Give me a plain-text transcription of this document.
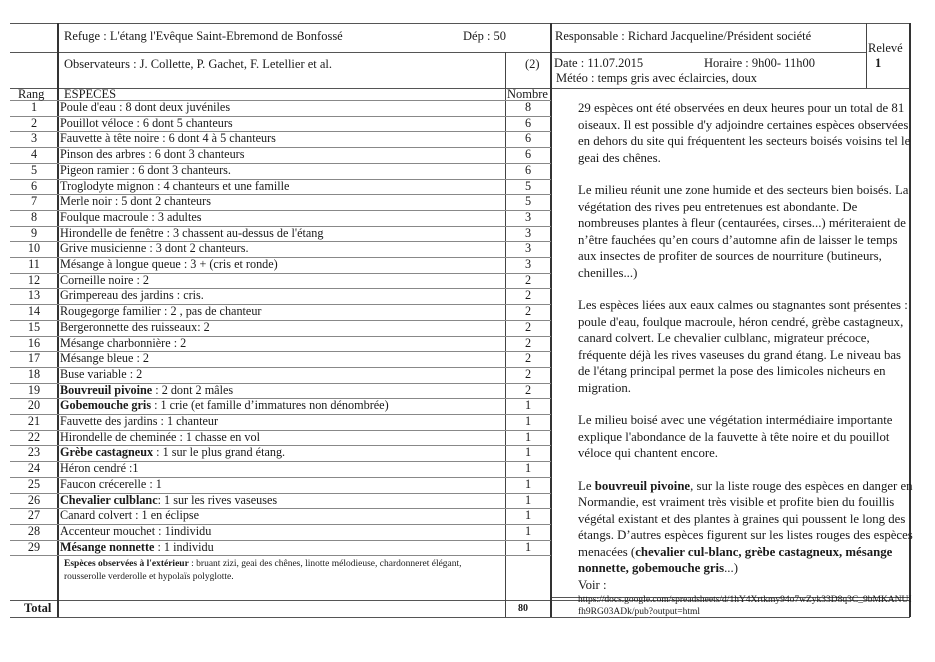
Refuge : L'étang l'Evêque Saint-Ebremond de Bonfossé	Dép : 50	Responsable : Richard Jacqueline/Président société
Relevé
1
Observateurs : J. Collette, P. Gachet, F. Letellier et al.	(2) Date : 11.07.2015	Horaire : 9h00- 11h00
Météo : temps gris avec éclaircies, doux
Rang ESPECES	Nombre
1	Poule d'eau : 8 dont deux juvéniles	8
2	Pouillot véloce : 6 dont 5 chanteurs	6
3	Fauvette à tête noire : 6 dont 4 à 5 chanteurs	6
4	Pinson des arbres : 6 dont 3 chanteurs	6
5	Pigeon ramier : 6 dont 3 chanteurs.	6
6	Troglodyte mignon : 4 chanteurs et une famille	5
7	Merle noir : 5 dont 2 chanteurs	5
8	Foulque macroule : 3 adultes	3
9	Hirondelle de fenêtre : 3 chassent au-dessus de l'étang	3
10	Grive musicienne : 3 dont 2 chanteurs.	3
11	Mésange à longue queue : 3 + (cris et ronde)	3
12	Corneille noire : 2	2
13	Grimpereau des jardins : cris.	2
14	Rougegorge familier : 2 , pas de chanteur	2
15	Bergeronnette des ruisseaux: 2	2
16	Mésange charbonnière : 2	2
17	Mésange bleue : 2	2
18	Buse variable : 2	2
19	Bouvreuil pivoine : 2 dont 2 mâles	2
20	Gobemouche gris : 1 crie (et famille d’immatures non dénombrée)	1
21	Fauvette des jardins : 1 chanteur	1
22	Hirondelle de cheminée : 1 chasse en vol	1
23	Grèbe castagneux : 1 sur le plus grand étang.	1
24	Héron cendré :1	1
25	Faucon crécerelle : 1	1
26	Chevalier culblanc: 1 sur les rives vaseuses	1
27	Canard colvert : 1 en éclipse	1
28	Accenteur mouchet : 1individu	1
29	Mésange nonnette : 1 individu	1
Espèces observées à l'extérieur : bruant zizi, geai des chênes, linotte mélodieuse, chardonneret élégant, rousserolle verderolle et hypolaïs polyglotte.
Total	80

29 espèces ont été observées en deux heures pour un total de 81 oiseaux. Il est possible d'y adjoindre certaines espèces observées en dehors du site qui fréquentent les secteurs boisés voisins tel le geai des chênes.

Le milieu réunit une zone humide et des secteurs bien boisés. La végétation des rives peu entretenues est abondante. De nombreuses plantes à fleur (centaurées, cirses...) mériteraient de n’être fauchées qu’en cours d’automne afin de laisser le temps aux insectes de profiter de sources de nourriture (butineurs, chenilles...)

Les espèces liées aux eaux calmes ou stagnantes sont présentes : poule d'eau, foulque macroule, héron cendré, grèbe castagneux, canard colvert. Le chevalier culblanc, migrateur précoce, fréquente déjà les rives vaseuses du grand étang. Le niveau bas de l'étang principal permet la pose des limicoles nicheurs en migration.

Le milieu boisé avec une végétation intermédiaire importante explique l'abondance de la fauvette à tête noire et du pouillot véloce qui chantent encore.

Le bouvreuil pivoine, sur la liste rouge des espèces en danger en Normandie, est vraiment très visible et profite bien du fouillis végétal existant et des plantes à graines qui poussent le long des étangs. D’autres espèces figurent sur les listes rouges des espèces menacées (chevalier cul-blanc, grèbe castagneux, mésange nonnette, gobemouche gris...)

Voir :
https://docs.google.com/spreadsheets/d/1hY4Xrtkmy94o7wZyk33D8q3C_9bMKANUIfh9RG03ADk/pub?output=html
